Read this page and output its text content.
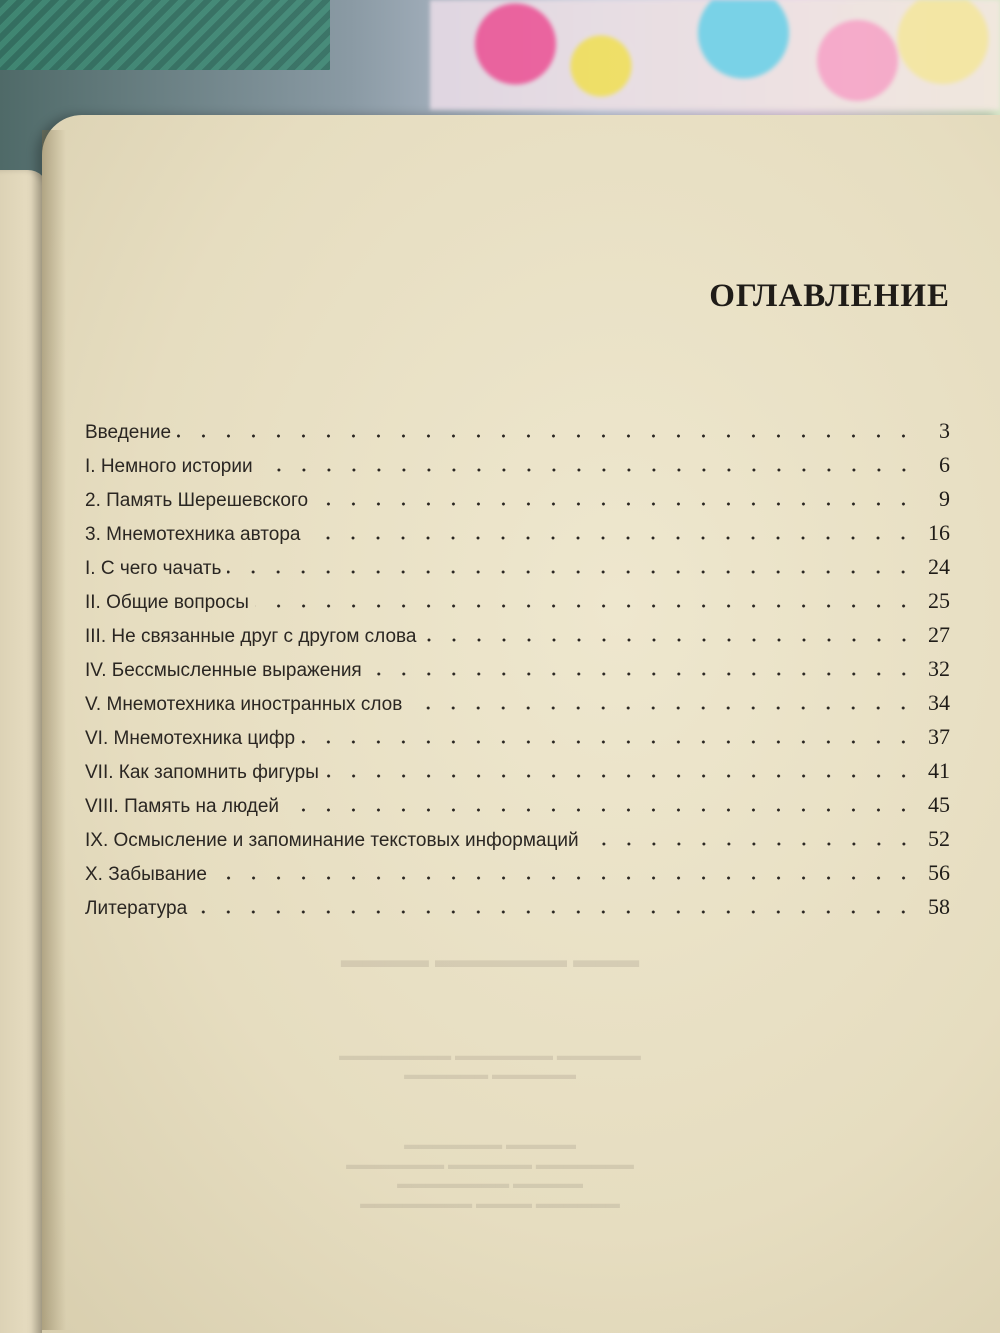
ОГЛАВЛЕНИЕ
Введение	3
I. Немного истории	6
2. Память Шерешевского	9
3. Мнемотехника автора	16
I. С чего чачать	24
II. Общие вопросы	25
III. Не связанные друг с другом слова	27
IV. Бессмысленные выражения	32
V. Мнемотехника иностранных слов	34
VI. Мнемотехника цифр	37
VII. Как запомнить фигуры	41
VIII. Память на людей	45
IX. Осмысление и запоминание текстовых информаций	52
X. Забывание	56
Литература	58
▬▬▬ ▬▬▬▬▬▬ ▬▬▬▬
▬▬▬▬▬▬ ▬▬▬▬▬▬▬ ▬▬▬▬▬▬▬▬
▬▬▬▬▬▬ ▬▬▬▬▬▬
▬▬▬▬▬ ▬▬▬▬▬▬▬
▬▬▬▬▬▬▬ ▬▬▬▬▬▬ ▬▬▬▬▬▬▬
▬▬▬▬▬ ▬▬▬▬▬▬▬▬
▬▬▬▬▬▬ ▬▬▬▬ ▬▬▬▬▬▬▬▬
